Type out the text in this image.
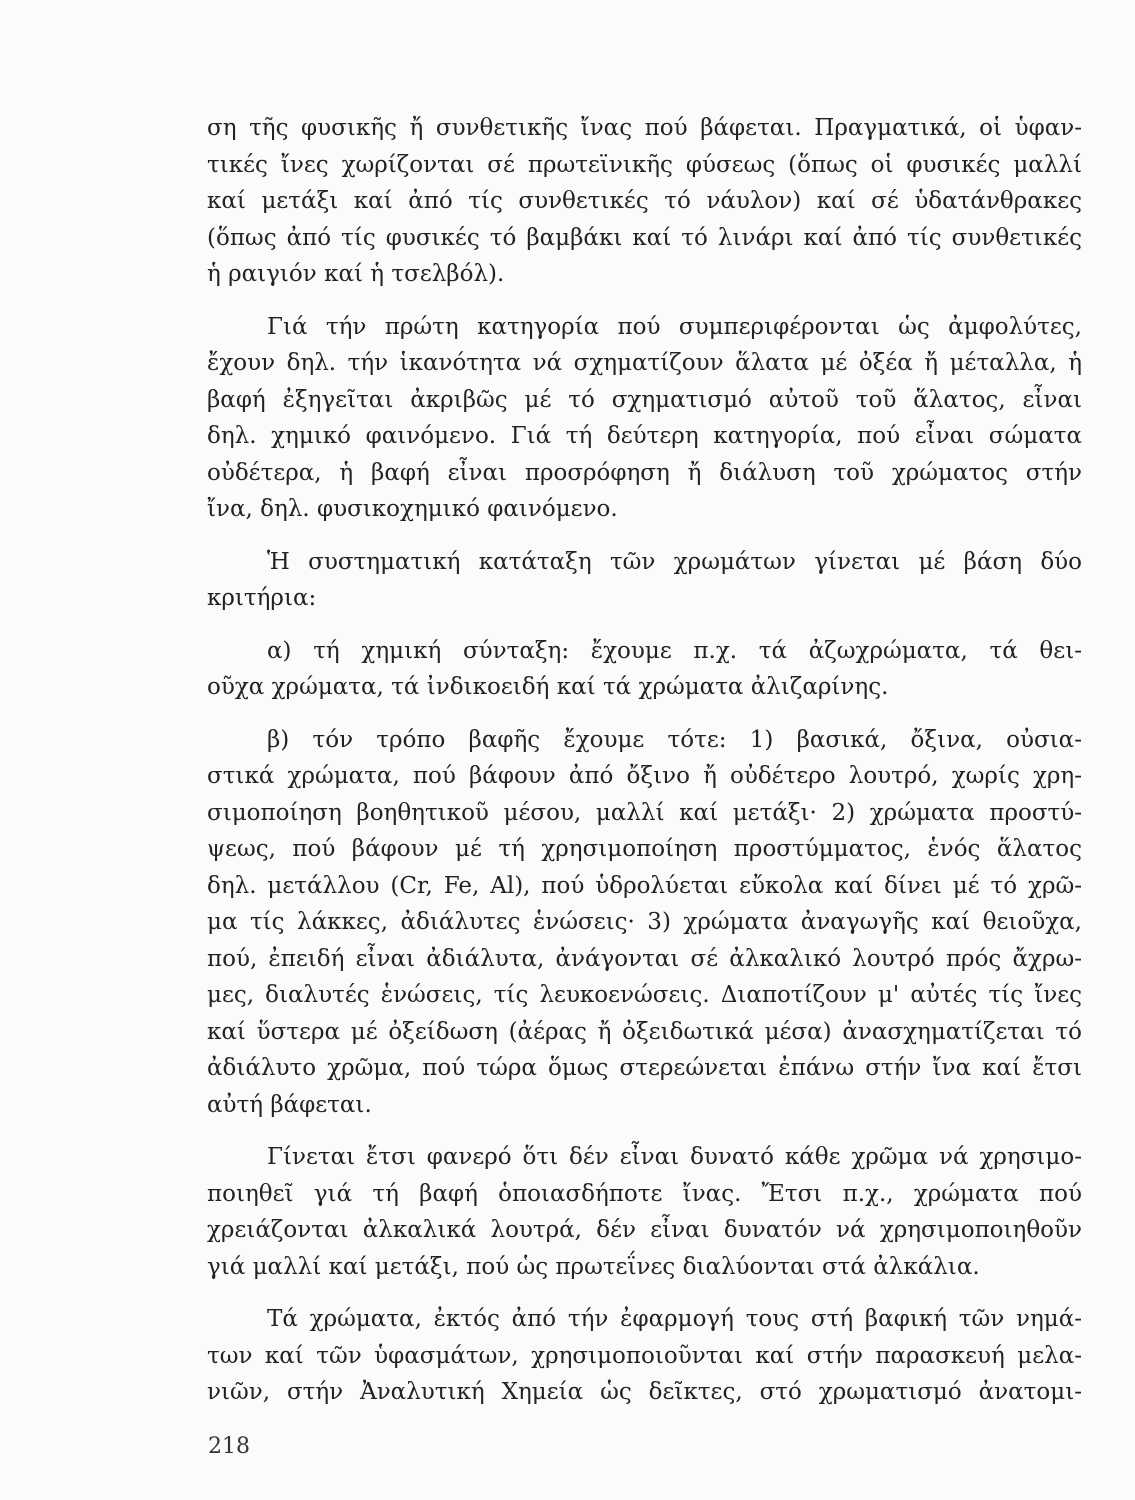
ση τῆς φυσικῆς ἤ συνθετικῆς ἴνας πού βάφεται. Πραγματικά, οἱ ὑφαν-
τικές ἴνες χωρίζονται σέ πρωτεϊνικῆς φύσεως (ὅπως οἱ φυσικές μαλλί
καί μετάξι καί ἀπό τίς συνθετικές τό νάυλον) καί σέ ὑδατάνθρακες
(ὅπως ἀπό τίς φυσικές τό βαμβάκι καί τό λινάρι καί ἀπό τίς συνθετικές
ἡ ραιγιόν καί ἡ τσελβόλ).
Γιά τήν πρώτη κατηγορία πού συμπεριφέρονται ὡς ἀμφολύτες,
ἔχουν δηλ. τήν ἱκανότητα νά σχηματίζουν ἅλατα μέ ὀξέα ἤ μέταλλα, ἡ
βαφή ἐξηγεῖται ἀκριβῶς μέ τό σχηματισμό αὐτοῦ τοῦ ἅλατος, εἶναι
δηλ. χημικό φαινόμενο. Γιά τή δεύτερη κατηγορία, πού εἶναι σώματα
οὐδέτερα, ἡ βαφή εἶναι προσρόφηση ἤ διάλυση τοῦ χρώματος στήν
ἴνα, δηλ. φυσικοχημικό φαινόμενο.
Ἡ συστηματική κατάταξη τῶν χρωμάτων γίνεται μέ βάση δύο
κριτήρια:
α) τή χημική σύνταξη: ἔχουμε π.χ. τά ἀζωχρώματα, τά θει-
οῦχα χρώματα, τά ἰνδικοειδή καί τά χρώματα ἀλιζαρίνης.
β) τόν τρόπο βαφῆς ἔχουμε τότε: 1) βασικά, ὄξινα, οὐσια-
στικά χρώματα, πού βάφουν ἀπό ὄξινο ἤ οὐδέτερο λουτρό, χωρίς χρη-
σιμοποίηση βοηθητικοῦ μέσου, μαλλί καί μετάξι· 2) χρώματα προστύ-
ψεως, πού βάφουν μέ τή χρησιμοποίηση προστύμματος, ἑνός ἅλατος
δηλ. μετάλλου (Cr, Fe, Al), πού ὑδρολύεται εὔκολα καί δίνει μέ τό χρῶ-
μα τίς λάκκες, ἀδιάλυτες ἑνώσεις· 3) χρώματα ἀναγωγῆς καί θειοῦχα,
πού, ἐπειδή εἶναι ἀδιάλυτα, ἀνάγονται σέ ἀλκαλικό λουτρό πρός ἄχρω-
μες, διαλυτές ἑνώσεις, τίς λευκοενώσεις. Διαποτίζουν μ' αὐτές τίς ἴνες
καί ὕστερα μέ ὀξείδωση (ἀέρας ἤ ὀξειδωτικά μέσα) ἀνασχηματίζεται τό
ἀδιάλυτο χρῶμα, πού τώρα ὅμως στερεώνεται ἐπάνω στήν ἴνα καί ἔτσι
αὐτή βάφεται.
Γίνεται ἔτσι φανερό ὅτι δέν εἶναι δυνατό κάθε χρῶμα νά χρησιμο-
ποιηθεῖ γιά τή βαφή ὁποιασδήποτε ἴνας. Ἔτσι π.χ., χρώματα πού
χρειάζονται ἀλκαλικά λουτρά, δέν εἶναι δυνατόν νά χρησιμοποιηθοῦν
γιά μαλλί καί μετάξι, πού ὡς πρωτεΐνες διαλύονται στά ἀλκάλια.
Τά χρώματα, ἐκτός ἀπό τήν ἐφαρμογή τους στή βαφική τῶν νημά-
των καί τῶν ὑφασμάτων, χρησιμοποιοῦνται καί στήν παρασκευή μελα-
νιῶν, στήν Ἀναλυτική Χημεία ὡς δεῖκτες, στό χρωματισμό ἀνατομι-
218
